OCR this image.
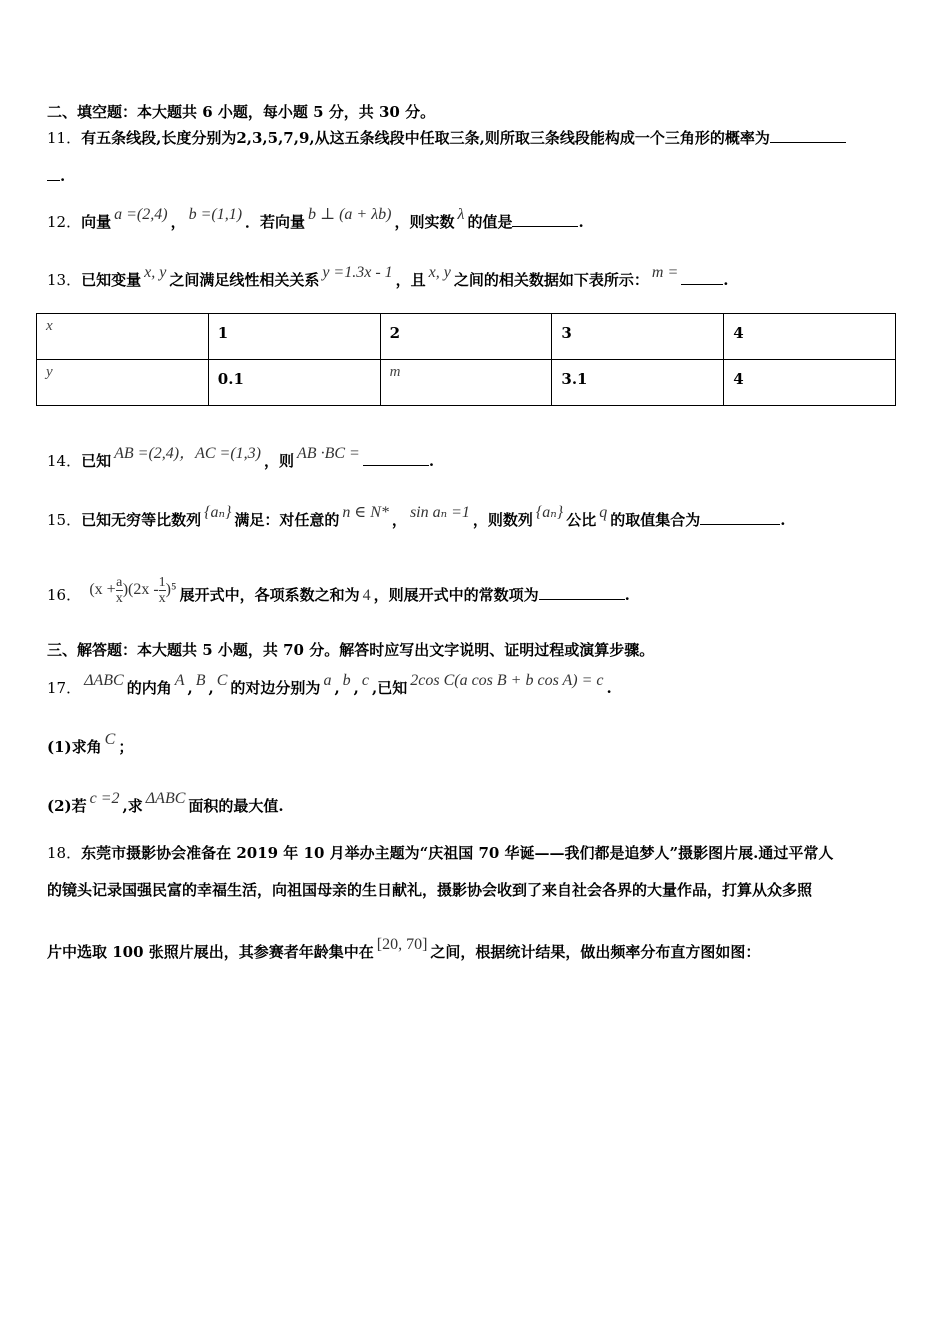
二、填空题：本大题共 6 小题，每小题 5 分，共 30 分。
11．有五条线段,长度分别为2,3,5,7,9,从这五条线段中任取三条,则所取三条线段能构成一个三角形的概率为
.
12．向量 a =(2,4) ， b =(1,1) ．若向量 b ⊥ (a + λb) ，则实数 λ 的值是	.
13．已知变量 x, y 之间满足线性相关关系 y =1.3x - 1 ，且 x, y 之间的相关数据如下表所示： m =	.
x	1	2	3	4
y	0.1	m	3.1	4
14．已知 AB =(2,4)，AC =(1,3) ，则 AB ·BC =	.
15．已知无穷等比数列 {aₙ} 满足：对任意的 n ∈ N* ， sin aₙ =1 ，则数列 {aₙ} 公比 q 的取值集合为	.
16． $(x + \frac{a}{x} )(2x - \frac{1}{x} )^5$ 展开式中，各项系数之和为 4 ，则展开式中的常数项为	.
三、解答题：本大题共 5 小题，共 70 分。解答时应写出文字说明、证明过程或演算步骤。
17． ΔABC 的内角 A , B , C 的对边分别为 a , b , c ,已知 2cos C(a cos B + b cos A) = c .
(1)求角 C ；
(2)若 c =2 ,求 ΔABC 面积的最大值.
18．东莞市摄影协会准备在 2019 年 10 月举办主题为“庆祖国 70 华诞——我们都是追梦人”摄影图片展.通过平常人
的镜头记录国强民富的幸福生活，向祖国母亲的生日献礼，摄影协会收到了来自社会各界的大量作品，打算从众多照
片中选取 100 张照片展出，其参赛者年龄集中在 [20, 70] 之间，根据统计结果，做出频率分布直方图如图：
